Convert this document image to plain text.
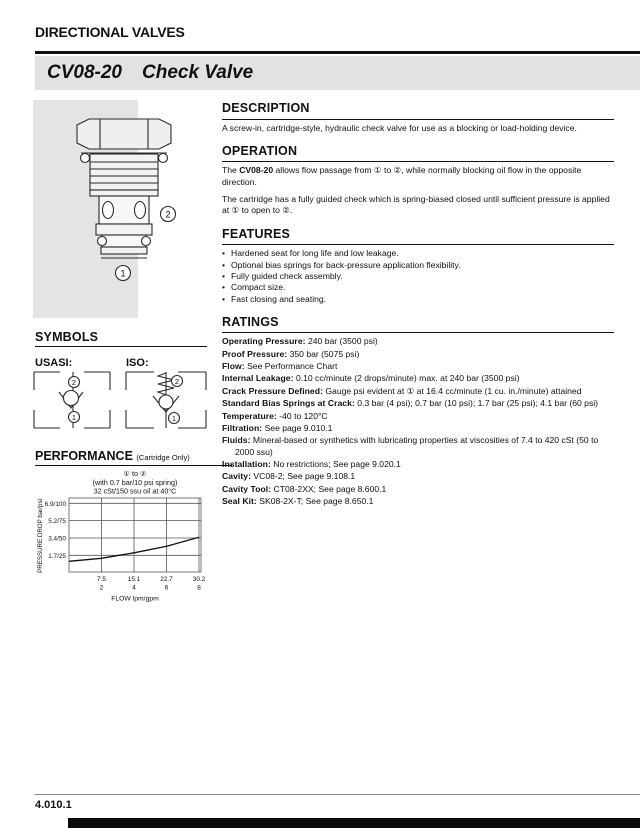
DIRECTIONAL VALVES
CV08-20 Check Valve
2
1
SYMBOLS
USASI:	ISO:
2
1
2
1
PERFORMANCE (Cartridge Only)
① to ②
(with 0.7 bar/10 psi spring)
32 cSt/150 ssu oil at 40°C
6.9/100
5.2/75
3.4/50
1.7/25
7.5	15.1	22.7	30.2
2	4	6	8
FLOW lpm/gpm
PRESSURE DROP bar/psi
DESCRIPTION

A screw-in, cartridge-style, hydraulic check valve for use as a blocking or load-holding device.

OPERATION

The CV08-20 allows flow passage from ① to ②, while normally blocking oil flow in the opposite direction.

The cartridge has a fully guided check which is spring-biased closed until sufficient pressure is applied at ① to open to ②.

FEATURES
• Hardened seat for long life and low leakage.
• Optional bias springs for back-pressure application flexibility.
• Fully guided check assembly.
• Compact size.
• Fast closing and seating.
RATINGS
Operating Pressure: 240 bar (3500 psi)
Proof Pressure: 350 bar (5075 psi)
Flow: See Performance Chart
Internal Leakage: 0.10 cc/minute (2 drops/minute) max. at 240 bar (3500 psi)
Crack Pressure Defined: Gauge psi evident at ① at 16.4 cc/minute (1 cu. in./minute) attained
Standard Bias Springs at Crack: 0.3 bar (4 psi); 0.7 bar (10 psi); 1.7 bar (25 psi); 4.1 bar (60 psi)
Temperature: -40 to 120°C
Filtration: See page 9.010.1
Fluids: Mineral-based or synthetics with lubricating properties at viscosities of 7.4 to 420 cSt (50 to 2000 ssu)
Installation: No restrictions; See page 9.020.1
Cavity: VC08-2; See page 9.108.1
Cavity Tool: CT08-2XX; See page 8.600.1
Seal Kit: SK08-2X-T; See page 8.650.1
4.010.1
